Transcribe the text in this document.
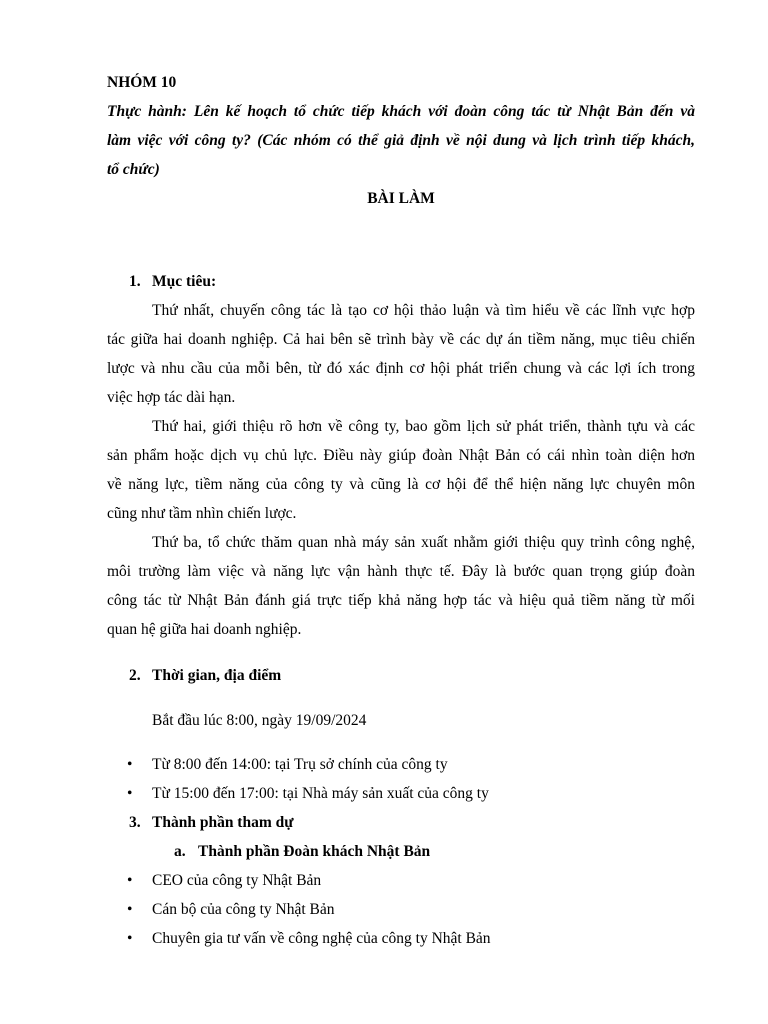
NHÓM 10
Thực hành: Lên kế hoạch tổ chức tiếp khách với đoàn công tác từ Nhật Bản đến và
làm việc với công ty? (Các nhóm có thể giả định về nội dung và lịch trình tiếp khách,
tổ chức)
BÀI LÀM
1. Mục tiêu:
Thứ nhất, chuyến công tác là tạo cơ hội thảo luận và tìm hiểu về các lĩnh vực hợp
tác giữa hai doanh nghiệp. Cả hai bên sẽ trình bày về các dự án tiềm năng, mục tiêu chiến
lược và nhu cầu của mỗi bên, từ đó xác định cơ hội phát triển chung và các lợi ích trong
việc hợp tác dài hạn.
Thứ hai, giới thiệu rõ hơn về công ty, bao gồm lịch sử phát triển, thành tựu và các
sản phẩm hoặc dịch vụ chủ lực. Điều này giúp đoàn Nhật Bản có cái nhìn toàn diện hơn
về năng lực, tiềm năng của công ty và cũng là cơ hội để thể hiện năng lực chuyên môn
cũng như tầm nhìn chiến lược.
Thứ ba, tổ chức thăm quan nhà máy sản xuất nhằm giới thiệu quy trình công nghệ,
môi trường làm việc và năng lực vận hành thực tế. Đây là bước quan trọng giúp đoàn
công tác từ Nhật Bản đánh giá trực tiếp khả năng hợp tác và hiệu quả tiềm năng từ mối
quan hệ giữa hai doanh nghiệp.
2. Thời gian, địa điểm
Bắt đầu lúc 8:00, ngày 19/09/2024
• Từ 8:00 đến 14:00: tại Trụ sở chính của công ty
• Từ 15:00 đến 17:00: tại Nhà máy sản xuất của công ty
3. Thành phần tham dự
a. Thành phần Đoàn khách Nhật Bản
• CEO của công ty Nhật Bản
• Cán bộ của công ty Nhật Bản
• Chuyên gia tư vấn về công nghệ của công ty Nhật Bản
